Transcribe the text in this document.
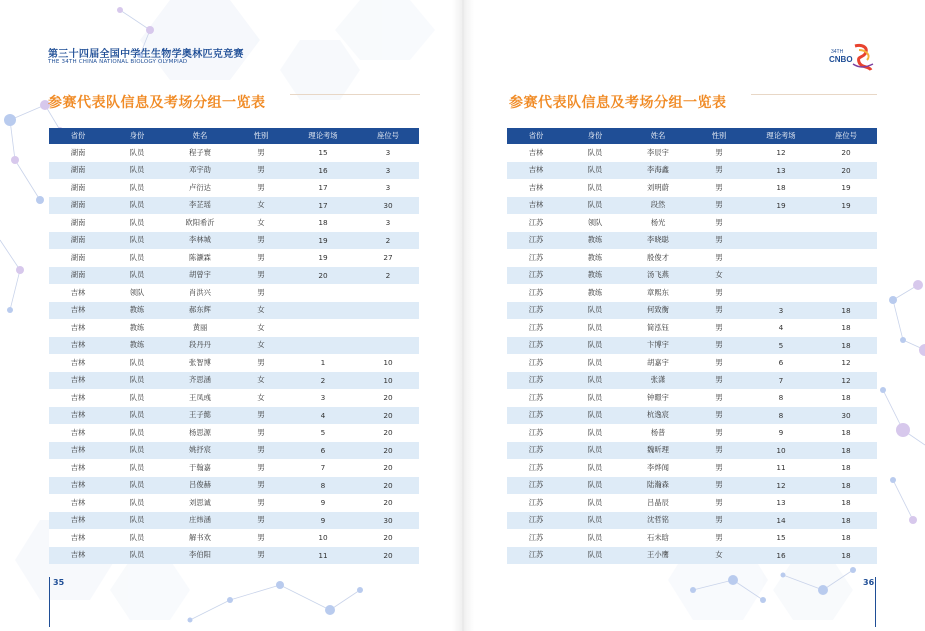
第三十四届全国中学生生物学奥林匹克竞赛
THE 34TH CHINA NATIONAL BIOLOGY OLYMPIAD
参赛代表队信息及考场分组一览表
省份	身份	姓名	性别	理论考场	座位号
湖南	队员	程子寰	男	15	3
湖南	队员	邓宇劭	男	16	3
湖南	队员	卢衍达	男	17	3
湖南	队员	李芷瑶	女	17	30
湖南	队员	欧阳希沂	女	18	3
湖南	队员	李林城	男	19	2
湖南	队员	陈灏霖	男	19	27
湖南	队员	胡曾宇	男	20	2
吉林	领队	肖洪兴	男		
吉林	教练	郝东辉	女		
吉林	教练	黄丽	女		
吉林	教练	段丹丹	女		
吉林	队员	张智博	男	1	10
吉林	队员	齐思涵	女	2	10
吉林	队员	王凤彧	女	3	20
吉林	队员	王子懿	男	4	20
吉林	队员	杨思源	男	5	20
吉林	队员	姚抒宸	男	6	20
吉林	队员	于翰嘉	男	7	20
吉林	队员	吕俊赫	男	8	20
吉林	队员	刘思诚	男	9	20
吉林	队员	庄炜涵	男	9	30
吉林	队员	解书欢	男	10	20
吉林	队员	李伯阳	男	11	20
35
34TH
CNBO
参赛代表队信息及考场分组一览表
省份	身份	姓名	性别	理论考场	座位号
吉林	队员	李辰宇	男	12	20
吉林	队员	李海鑫	男	13	20
吉林	队员	刘明蔚	男	18	19
吉林	队员	段然	男	19	19
江苏	领队	杨光	男		
江苏	教练	李晓聪	男		
江苏	教练	殷俊才	男		
江苏	教练	汤飞燕	女		
江苏	教练	章熙东	男		
江苏	队员	何致衡	男	3	18
江苏	队员	简泓钰	男	4	18
江苏	队员	卞博宇	男	5	18
江苏	队员	胡嘉宇	男	6	12
江苏	队员	张潇	男	7	12
江苏	队员	钟暻宇	男	8	18
江苏	队员	杭逸宸	男	8	30
江苏	队员	杨普	男	9	18
江苏	队员	魏昕理	男	10	18
江苏	队员	李烨闻	男	11	18
江苏	队员	陆瀚森	男	12	18
江苏	队员	吕晶辰	男	13	18
江苏	队员	沈哲铭	男	14	18
江苏	队员	石未晗	男	15	18
江苏	队员	王小鹰	女	16	18
36
